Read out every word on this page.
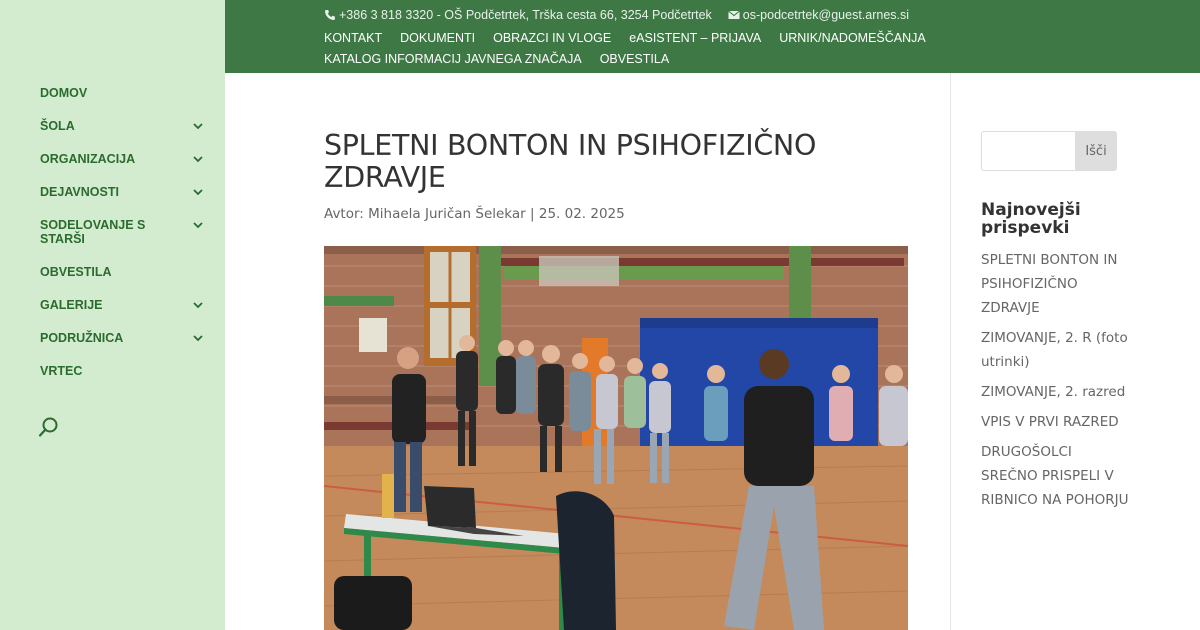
DOMOV
ŠOLA
ORGANIZACIJA
DEJAVNOSTI
SODELOVANJE S STARŠI
OBVESTILA
GALERIJE
PODRUŽNICA
VRTEC
+386 3 818 3320 - OŠ Podčetrtek, Trška cesta 66, 3254 Podčetrtek os-podcetrtek@guest.arnes.si
KONTAKT DOKUMENTI OBRAZCI IN VLOGE eASISTENT – PRIJAVA URNIK/NADOMEŠČANJA
KATALOG INFORMACIJ JAVNEGA ZNAČAJA OBVESTILA
SPLETNI BONTON IN PSIHOFIZIČNO ZDRAVJE

Avtor: Mihaela Juričan Šelekar | 25. 02. 2025

Išči
Najnovejši prispevki
SPLETNI BONTON IN PSIHOFIZIČNO ZDRAVJE
ZIMOVANJE, 2. R (foto utrinki)
ZIMOVANJE, 2. razred
VPIS V PRVI RAZRED
DRUGOŠOLCI SREČNO PRISPELI V RIBNICO NA POHORJU
